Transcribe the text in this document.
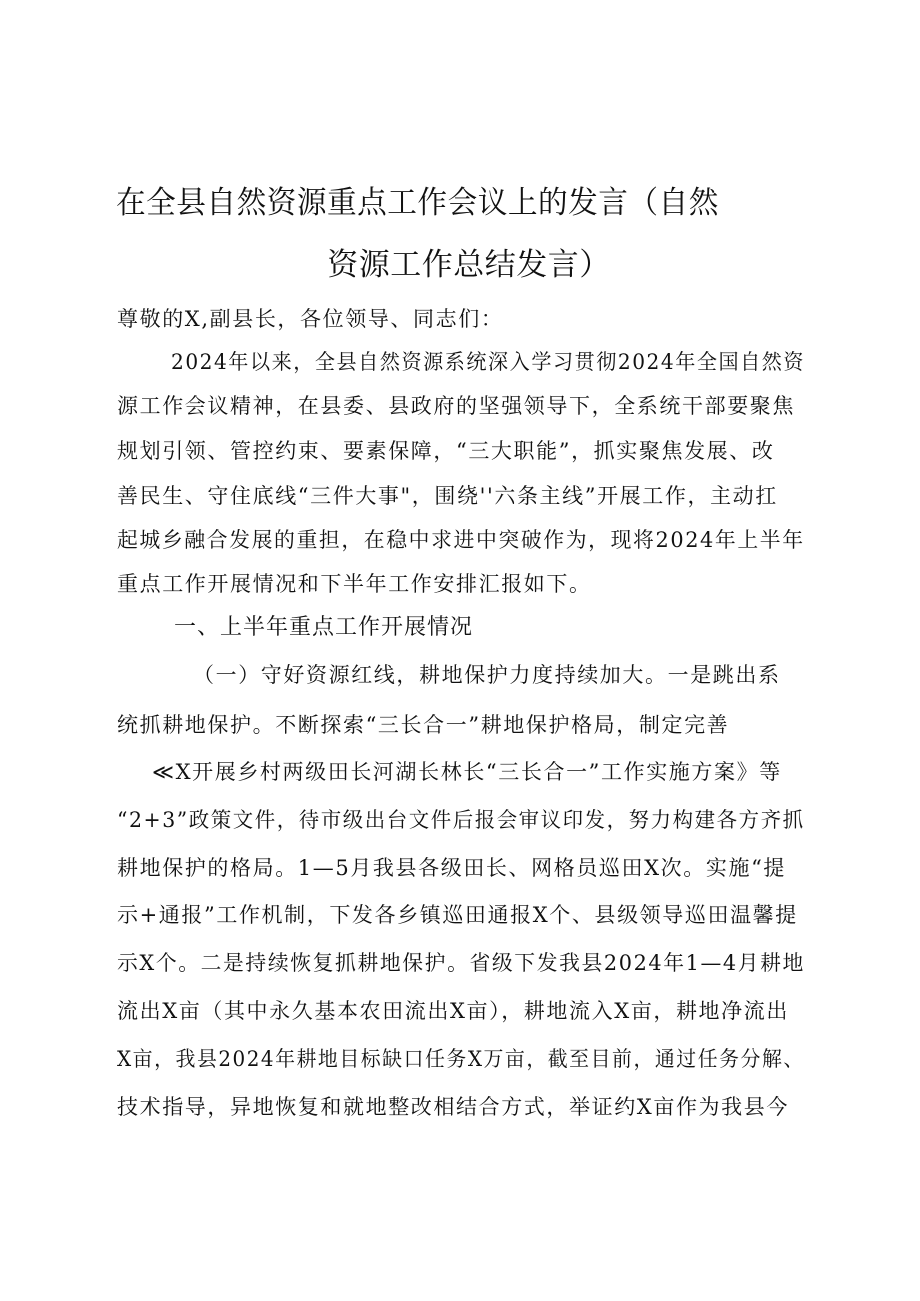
在全县自然资源重点工作会议上的发言（自然
资源工作总结发言）
尊敬的X,副县长，各位领导、同志们：
2024年以来，全县自然资源系统深入学习贯彻2024年全国自然资
源工作会议精神，在县委、县政府的坚强领导下，全系统干部要聚焦
规划引领、管控约束、要素保障，“三大职能”，抓实聚焦发展、改
善民生、守住底线“三件大事"，围绕''六条主线”开展工作，主动扛
起城乡融合发展的重担，在稳中求进中突破作为，现将2024年上半年
重点工作开展情况和下半年工作安排汇报如下。
一、上半年重点工作开展情况
（一）守好资源红线，耕地保护力度持续加大。一是跳出系
统抓耕地保护。不断探索“三长合一”耕地保护格局，制定完善
≪X开展乡村两级田长河湖长林长“三长合一”工作实施方案》等
“2+3”政策文件，待市级出台文件后报会审议印发，努力构建各方齐抓
耕地保护的格局。1—5月我县各级田长、网格员巡田X次。实施“提
示+通报”工作机制，下发各乡镇巡田通报X个、县级领导巡田温馨提
示X个。二是持续恢复抓耕地保护。省级下发我县2024年1—4月耕地
流出X亩（其中永久基本农田流出X亩），耕地流入X亩，耕地净流出
X亩，我县2024年耕地目标缺口任务X万亩，截至目前，通过任务分解、
技术指导，异地恢复和就地整改相结合方式，举证约X亩作为我县今
